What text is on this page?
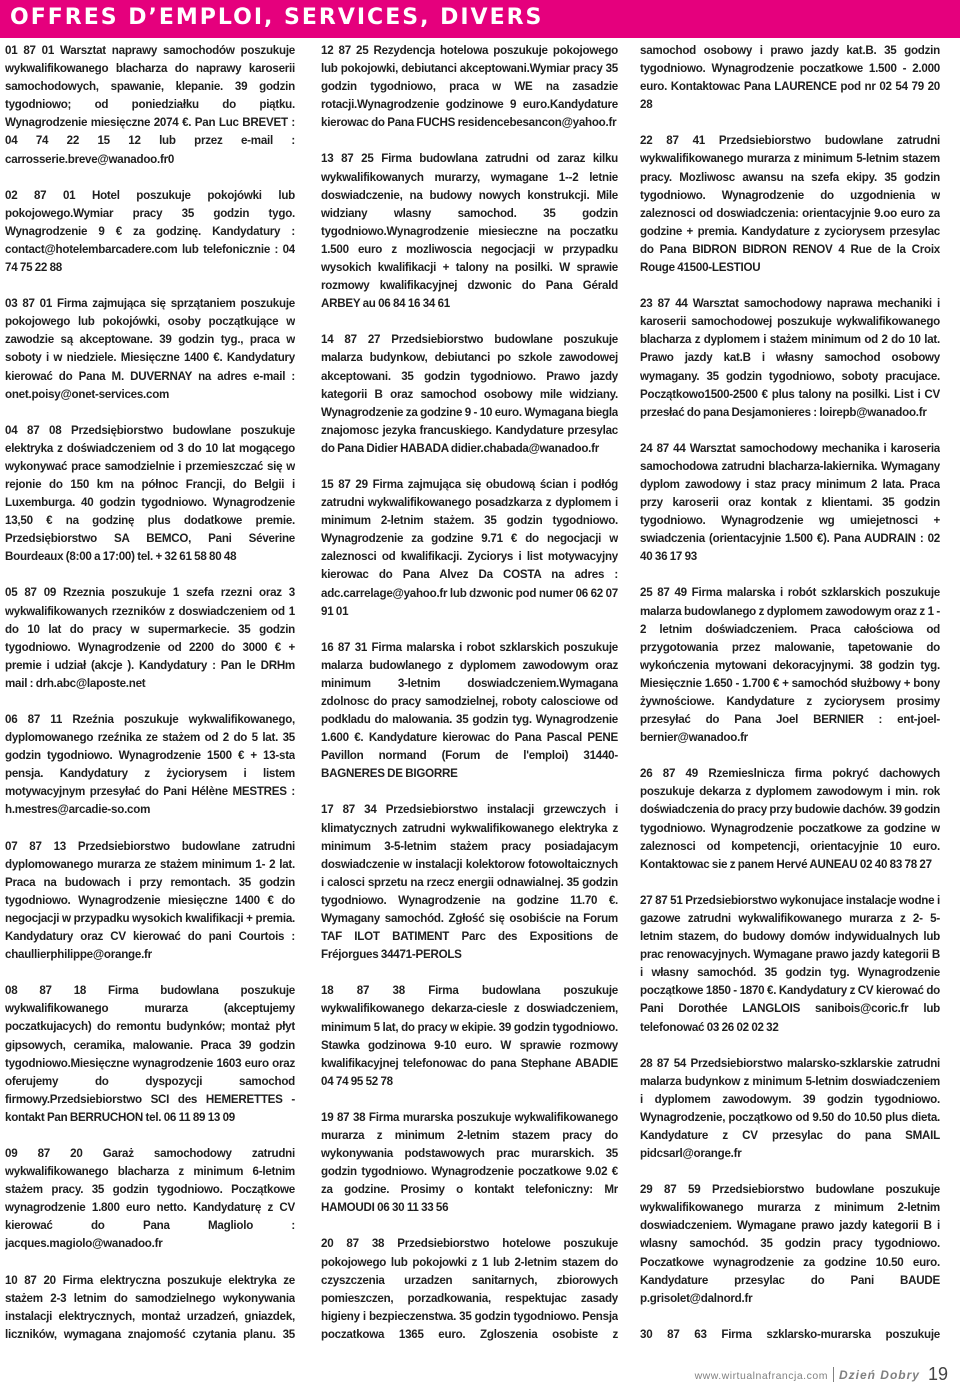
OFFRES D’EMPLOI, SERVICES, DIVERS

01 87 01 Warsztat naprawy samochodów poszukuje wykwalifikowanego blacharza do naprawy karoserii samochodowych, spawanie, klepanie. 39 godzin tygodniowo; od poniedziałku do piątku. Wynagrodzenie miesięczne 2074 €. Pan Luc BREVET : 04 74 22 15 12 lub przez e-mail : carrosserie.breve@wanadoo.fr0

02 87 01 Hotel poszukuje pokojówki lub pokojowego.Wymiar pracy 35 godzin tygo. Wynagrodzenie 9 € za godzinę. Kandydatury : contact@hotelembarcadere.com lub telefonicznie : 04 74 75 22 88

03 87 01 Firma zajmująca się sprzątaniem poszukuje pokojowego lub pokojówki, osoby początkujące w zawodzie są akceptowane. 39 godzin tyg., praca w soboty i w niedziele. Miesięczne 1400 €. Kandydatury kierować do Pana M. DUVERNAY na adres e-mail : onet.poisy@onet-services.com

04 87 08 Przedsiębiorstwo budowlane poszukuje elektryka z doświadczeniem od 3 do 10 lat mogącego wykonywać prace samodzielnie i przemieszczać się w rejonie do 150 km na północ Francji, do Belgii i Luxemburga. 40 godzin tygodniowo. Wynagrodzenie 13,50 € na godzinę plus dodatkowe premie. Przedsiębiorstwo SA BEMCO, Pani Séverine Bourdeaux (8:00 a 17:00) tel. + 32 61 58 80 48

05 87 09 Rzeznia poszukuje 1 szefa rzezni oraz 3 wykwalifikowanych rzezników z doswiadczeniem od 1 do 10 lat do pracy w supermarkecie. 35 godzin tygodniowo. Wynagrodzenie od 2200 do 3000 € + premie i udział (akcje ). Kandydatury : Pan le DRHm mail : drh.abc@laposte.net

06 87 11 Rzeźnia poszukuje wykwalifikowanego, dyplomowanego rzeźnika ze stażem od 2 do 5 lat. 35 godzin tygodniowo. Wynagrodzenie 1500 € + 13-sta pensja. Kandydatury z życiorysem i listem motywacyjnym przesyłać do Pani Hélène MESTRES : h.mestres@arcadie-so.com

07 87 13 Przedsiebiorstwo budowlane zatrudni dyplomowanego murarza ze stażem minimum 1- 2 lat. Praca na budowach i przy remontach. 35 godzin tygodniowo. Wynagrodzenie miesięczne 1400 € do negocjacji w przypadku wysokich kwalifikacji + premia. Kandydatury oraz CV kierować do pani Courtois : chaullierphilippe@orange.fr

08 87 18 Firma budowlana poszukuje wykwalifikowanego murarza (akceptujemy poczatkujacych) do remontu budynków; montaż płyt gipsowych, ceramika, malowanie. Praca 39 godzin tygodniowo.Miesięczne wynagrodzenie 1603 euro oraz oferujemy do dyspozycji samochod firmowy.Przedsiebiorstwo SCI des HEMERETTES - kontakt Pan BERRUCHON tel. 06 11 89 13 09

09 87 20 Garaż samochodowy zatrudni wykwalifikowanego blacharza z minimum 6-letnim stażem pracy. 35 godzin tygodniowo. Początkowe wynagrodzenie 1.800 euro netto. Kandydaturę z CV kierować do Pana Magliolo : jacques.magiolo@wanadoo.fr

10 87 20 Firma elektryczna poszukuje elektryka ze stażem 2-3 letnim do samodzielnego wykonywania instalacji elektrycznych, montaż urzadzeń, gniazdek, liczników, wymagana znajomość czytania planu. 35

12 87 25 Rezydencja hotelowa poszukuje pokojowego lub pokojowki, debiutanci akceptowani.Wymiar pracy 35 godzin tygodniowo, praca w WE na zasadzie rotacji.Wynagrodzenie godzinowe 9 euro.Kandydature kierowac do Pana FUCHS residencebesancon@yahoo.fr

13 87 25 Firma budowlana zatrudni od zaraz kilku wykwalifikowanych murarzy, wymagane 1--2 letnie doswiadczenie, na budowy nowych konstrukcji. Mile widziany wlasny samochod. 35 godzin tygodniowo.Wynagrodzenie miesieczne na poczatku 1.500 euro z mozliwoscia negocjacji w przypadku wysokich kwalifikacji + talony na posilki. W sprawie rozmowy kwalifikacyjnej dzwonic do Pana Gérald ARBEY au 06 84 16 34 61

14 87 27 Przedsiebiorstwo budowlane poszukuje malarza budynkow, debiutanci po szkole zawodowej akceptowani. 35 godzin tygodniowo. Prawo jazdy kategorii B oraz samochod osobowy mile widziany. Wynagrodzenie za godzine 9 - 10 euro. Wymagana biegla znajomosc jezyka francuskiego. Kandydature przesylac do Pana Didier HABADA didier.chabada@wanadoo.fr

15 87 29 Firma zajmująca się obudową ścian i podłóg zatrudni wykwalifikowanego posadzkarza z dyplomem i minimum 2-letnim stażem. 35 godzin tygodniowo. Wynagrodzenie za godzine 9.71 € do negocjacji w zaleznosci od kwalifikacji. Zyciorys i list motywacyjny kierowac do Pana Alvez Da COSTA na adres : adc.carrelage@yahoo.fr lub dzwonic pod numer 06 62 07 91 01

16 87 31 Firma malarska i robot szklarskich poszukuje malarza budowlanego z dyplomem zawodowym oraz minimum 3-letnim doswiadczeniem.Wymagana zdolnosc do pracy samodzielnej, roboty calosciowe od podkladu do malowania. 35 godzin tyg. Wynagrodzenie 1.600 €. Kandydature kierowac do Pana Pascal PENE Pavillon normand (Forum de l'emploi) 31440-BAGNERES DE BIGORRE

17 87 34 Przedsiebiorstwo instalacji grzewczych i klimatycznych zatrudni wykwalifikowanego elektryka z minimum 3-5-letnim stażem pracy posiadajacym doswiadczenie w instalacji kolektorow fotowoltaicznych i calosci sprzetu na rzecz energii odnawialnej. 35 godzin tygodniowo. Wynagrodzenie na godzine 11.70 €. Wymagany samochód. Zgłość się osobiście na Forum TAF ILOT BATIMENT Parc des Expositions de Fréjorgues 34471-PEROLS

18 87 38 Firma budowlana poszukuje wykwalifikowanego dekarza-ciesle z doswiadczeniem, minimum 5 lat, do pracy w ekipie. 39 godzin tygodniowo. Stawka godzinowa 9-10 euro. W sprawie rozmowy kwalifikacyjnej telefonowac do pana Stephane ABADIE 04 74 95 52 78

19 87 38 Firma murarska poszukuje wykwalifikowanego murarza z minimum 2-letnim stazem pracy do wykonywania podstawowych prac murarskich. 35 godzin tygodniowo. Wynagrodzenie poczatkowe 9.02 € za godzine. Prosimy o kontakt telefoniczny: Mr HAMOUDI 06 30 11 33 56

20 87 38 Przedsiebiorstwo hotelowe poszukuje pokojowego lub pokojowki z 1 lub 2-letnim stazem do czyszczenia urzadzen sanitarnych, zbiorowych pomieszczen, porzadkowania, respektujac zasady higieny i bezpieczenstwa. 35 godzin tygodniowo. Pensja poczatkowa 1365 euro. Zgloszenia osobiste z

samochod osobowy i prawo jazdy kat.B. 35 godzin tygodniowo. Wynagrodzenie poczatkowe 1.500 - 2.000 euro. Kontaktowac Pana LAURENCE pod nr 02 54 79 20 28

22 87 41 Przedsiebiorstwo budowlane zatrudni wykwalifikowanego murarza z minimum 5-letnim stazem pracy. Mozliwosc awansu na szefa ekipy. 35 godzin tygodniowo. Wynagrodzenie do uzgodnienia w zaleznosci od doswiadczenia: orientacyjnie 9.oo euro za godzine + premia. Kandydature z zyciorysem przesylac do Pana BIDRON BIDRON RENOV 4 Rue de la Croix Rouge 41500-LESTIOU

23 87 44 Warsztat samochodowy naprawa mechaniki i karoserii samochodowej poszukuje wykwalifikowanego blacharza z dyplomem i stażem minimum od 2 do 10 lat. Prawo jazdy kat.B i własny samochod osobowy wymagany. 35 godzin tygodniowo, soboty pracujace. Początkowo1500-2500 € plus talony na posilki. List i CV przesłać do pana Desjamonieres : loirepb@wanadoo.fr

24 87 44 Warsztat samochodowy mechanika i karoseria samochodowa zatrudni blacharza-lakiernika. Wymagany dyplom zawodowy i staz pracy minimum 2 lata. Praca przy karoserii oraz kontak z klientami. 35 godzin tygodniowo. Wynagrodzenie wg umiejetnosci + swiadczenia (orientacyjnie 1.500 €). Pana AUDRAIN : 02 40 36 17 93

25 87 49 Firma malarska i robót szklarskich poszukuje malarza budowlanego z dyplomem zawodowym oraz z 1 - 2 letnim doświadczeniem. Praca całościowa od przygotowania przez malowanie, tapetowanie do wykończenia mytowani dekoracyjnymi. 38 godzin tyg. Miesięcznie 1.650 - 1.700 € + samochód służbowy + bony żywnościowe. Kandydature z zyciorysem prosimy przesyłać do Pana Joel BERNIER : ent-joel-bernier@wanadoo.fr

26 87 49 Rzemieslnicza firma pokryć dachowych poszukuje dekarza z dyplomem zawodowym i min. rok doświadczenia do pracy przy budowie dachów. 39 godzin tygodniowo. Wynagrodzenie poczatkowe za godzine w zaleznosci od kompetencji, orientacyjnie 10 euro. Kontaktowac sie z panem Hervé AUNEAU 02 40 83 78 27

27 87 51 Przedsiebiorstwo wykonujace instalacje wodne i gazowe zatrudni wykwalifikowanego murarza z 2- 5-letnim stazem, do budowy domów indywidualnych lub prac renowacyjnych. Wymagane prawo jazdy kategorii B i własny samochód. 35 godzin tyg. Wynagrodzenie początkowe 1850 - 1870 €. Kandydatury z CV kierować do Pani Dorothée LANGLOIS sanibois@coric.fr lub telefonować 03 26 02 02 32

28 87 54 Przedsiebiorstwo malarsko-szklarskie zatrudni malarza budynkow z minimum 5-letnim doswiadczeniem i dyplomem zawodowym. 39 godzin tygodniowo. Wynagrodzenie, początkowo od 9.50 do 10.50 plus dieta. Kandydature z CV przesylac do pana SMAIL pidcsarl@orange.fr

29 87 59 Przedsiebiorstwo budowlane poszukuje wykwalifikowanego murarza z minimum 2-letnim doswiadczeniem. Wymagane prawo jazdy kategorii B i wlasny samochód. 35 godzin pracy tygodniowo. Poczatkowe wynagrodzenie za godzine 10.50 euro. Kandydature przesylac do Pani BAUDE p.grisolet@dalnord.fr

30 87 63 Firma szklarsko-murarska poszukuje

www.wirtualnafrancja.com Dzień Dobry 19
